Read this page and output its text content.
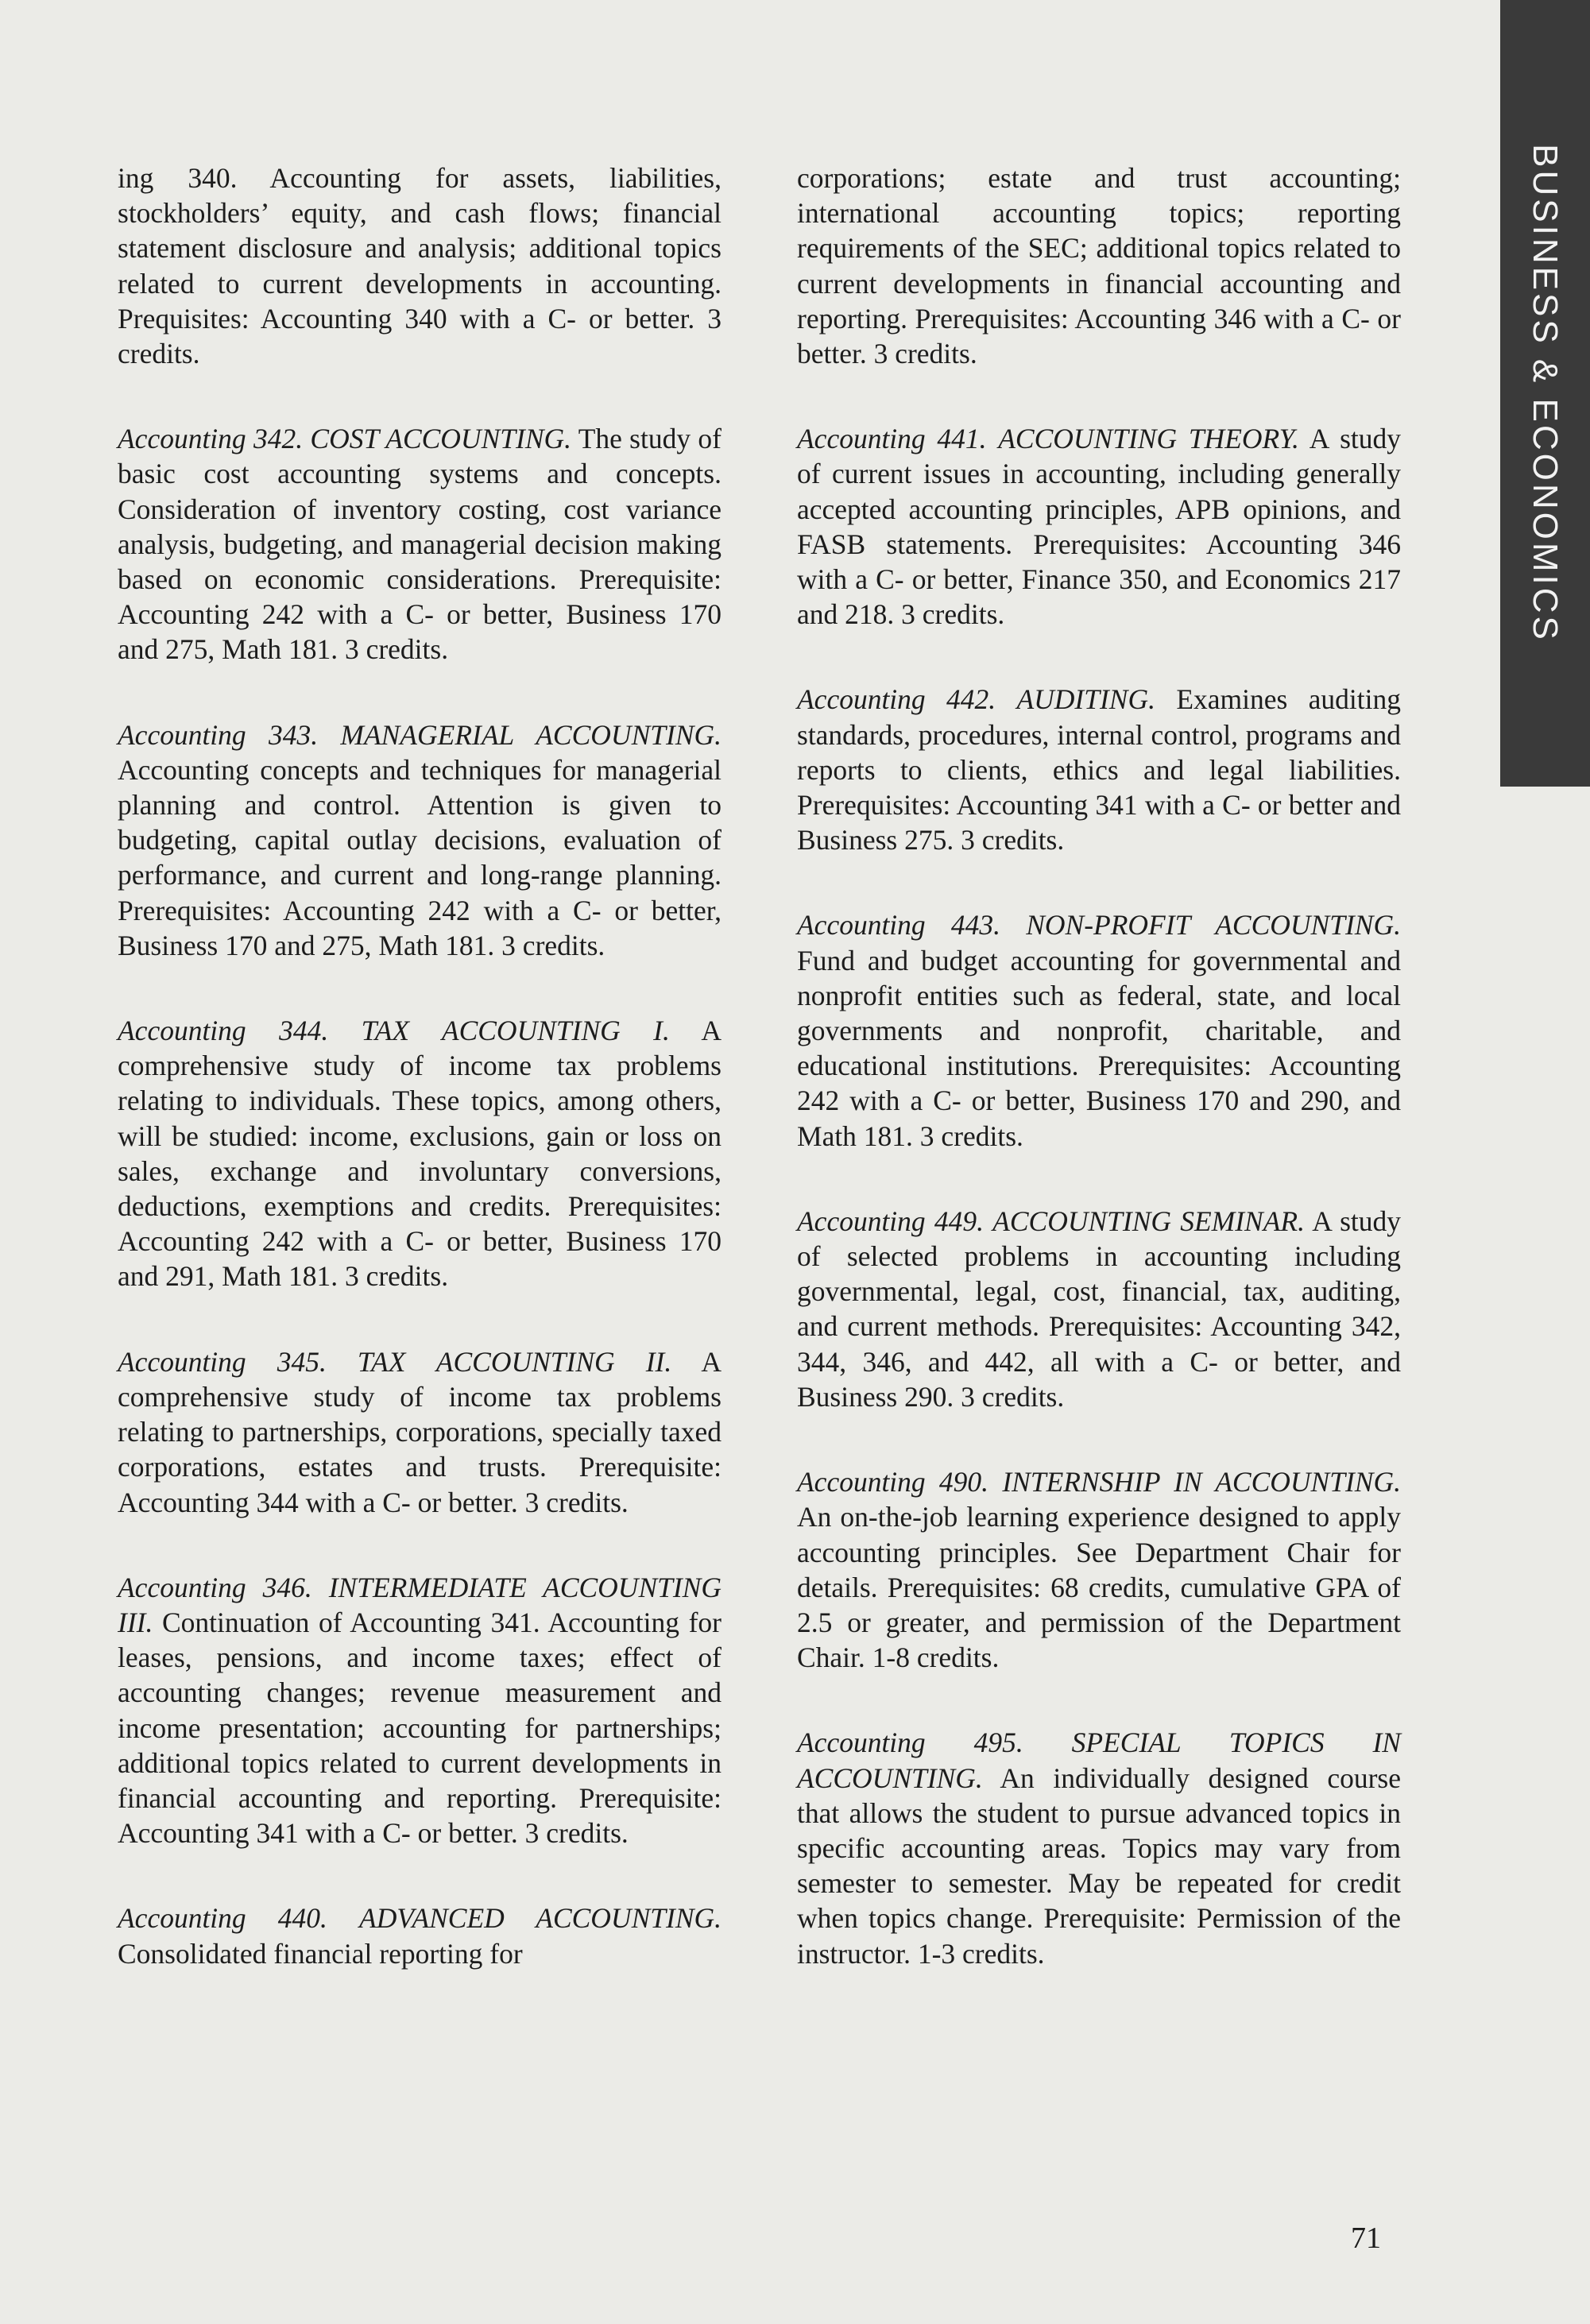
ing 340. Accounting for assets, liabilities, stockholders’ equity, and cash flows; financial statement disclosure and analysis; additional topics related to current developments in accounting. Prequisites: Accounting 340 with a C- or better. 3 credits.

Accounting 342. COST ACCOUNTING. The study of basic cost accounting systems and concepts. Consideration of inventory costing, cost variance analysis, budgeting, and managerial decision making based on economic considerations. Prerequisite: Accounting 242 with a C- or better, Business 170 and 275, Math 181. 3 credits.

Accounting 343. MANAGERIAL ACCOUNTING. Accounting concepts and techniques for managerial planning and control. Attention is given to budgeting, capital outlay decisions, evaluation of performance, and current and long-range planning. Prerequisites: Accounting 242 with a C- or better, Business 170 and 275, Math 181. 3 credits.

Accounting 344. TAX ACCOUNTING I. A comprehensive study of income tax problems relating to individuals. These topics, among others, will be studied: income, exclusions, gain or loss on sales, exchange and involuntary conversions, deductions, exemptions and credits. Prerequisites: Accounting 242 with a C- or better, Business 170 and 291, Math 181. 3 credits.

Accounting 345. TAX ACCOUNTING II. A comprehensive study of income tax problems relating to partnerships, corporations, specially taxed corporations, estates and trusts. Prerequisite: Accounting 344 with a C- or better. 3 credits.

Accounting 346. INTERMEDIATE ACCOUNTING III. Continuation of Accounting 341. Accounting for leases, pensions, and income taxes; effect of accounting changes; revenue measurement and income presentation; accounting for partnerships; additional topics related to current developments in financial accounting and reporting. Prerequisite: Accounting 341 with a C- or better. 3 credits.

Accounting 440. ADVANCED ACCOUNTING. Consolidated financial reporting for

corporations; estate and trust accounting; international accounting topics; reporting requirements of the SEC; additional topics related to current developments in financial accounting and reporting. Prerequisites: Accounting 346 with a C- or better. 3 credits.

Accounting 441. ACCOUNTING THEORY. A study of current issues in accounting, including generally accepted accounting principles, APB opinions, and FASB statements. Prerequisites: Accounting 346 with a C- or better, Finance 350, and Economics 217 and 218. 3 credits.

Accounting 442. AUDITING. Examines auditing standards, procedures, internal control, programs and reports to clients, ethics and legal liabilities. Prerequisites: Accounting 341 with a C- or better and Business 275. 3 credits.

Accounting 443. NON-PROFIT ACCOUNTING. Fund and budget accounting for governmental and nonprofit entities such as federal, state, and local governments and nonprofit, charitable, and educational institutions. Prerequisites: Accounting 242 with a C- or better, Business 170 and 290, and Math 181. 3 credits.

Accounting 449. ACCOUNTING SEMINAR. A study of selected problems in accounting including governmental, legal, cost, financial, tax, auditing, and current methods. Prerequisites: Accounting 342, 344, 346, and 442, all with a C- or better, and Business 290. 3 credits.

Accounting 490. INTERNSHIP IN ACCOUNTING. An on-the-job learning experience designed to apply accounting principles. See Department Chair for details. Prerequisites: 68 credits, cumulative GPA of 2.5 or greater, and permission of the Department Chair. 1-8 credits.

Accounting 495. SPECIAL TOPICS IN ACCOUNTING. An individually designed course that allows the student to pursue advanced topics in specific accounting areas. Topics may vary from semester to semester. May be repeated for credit when topics change. Prerequisite: Permission of the instructor. 1-3 credits.

BUSINESS & ECONOMICS
71
